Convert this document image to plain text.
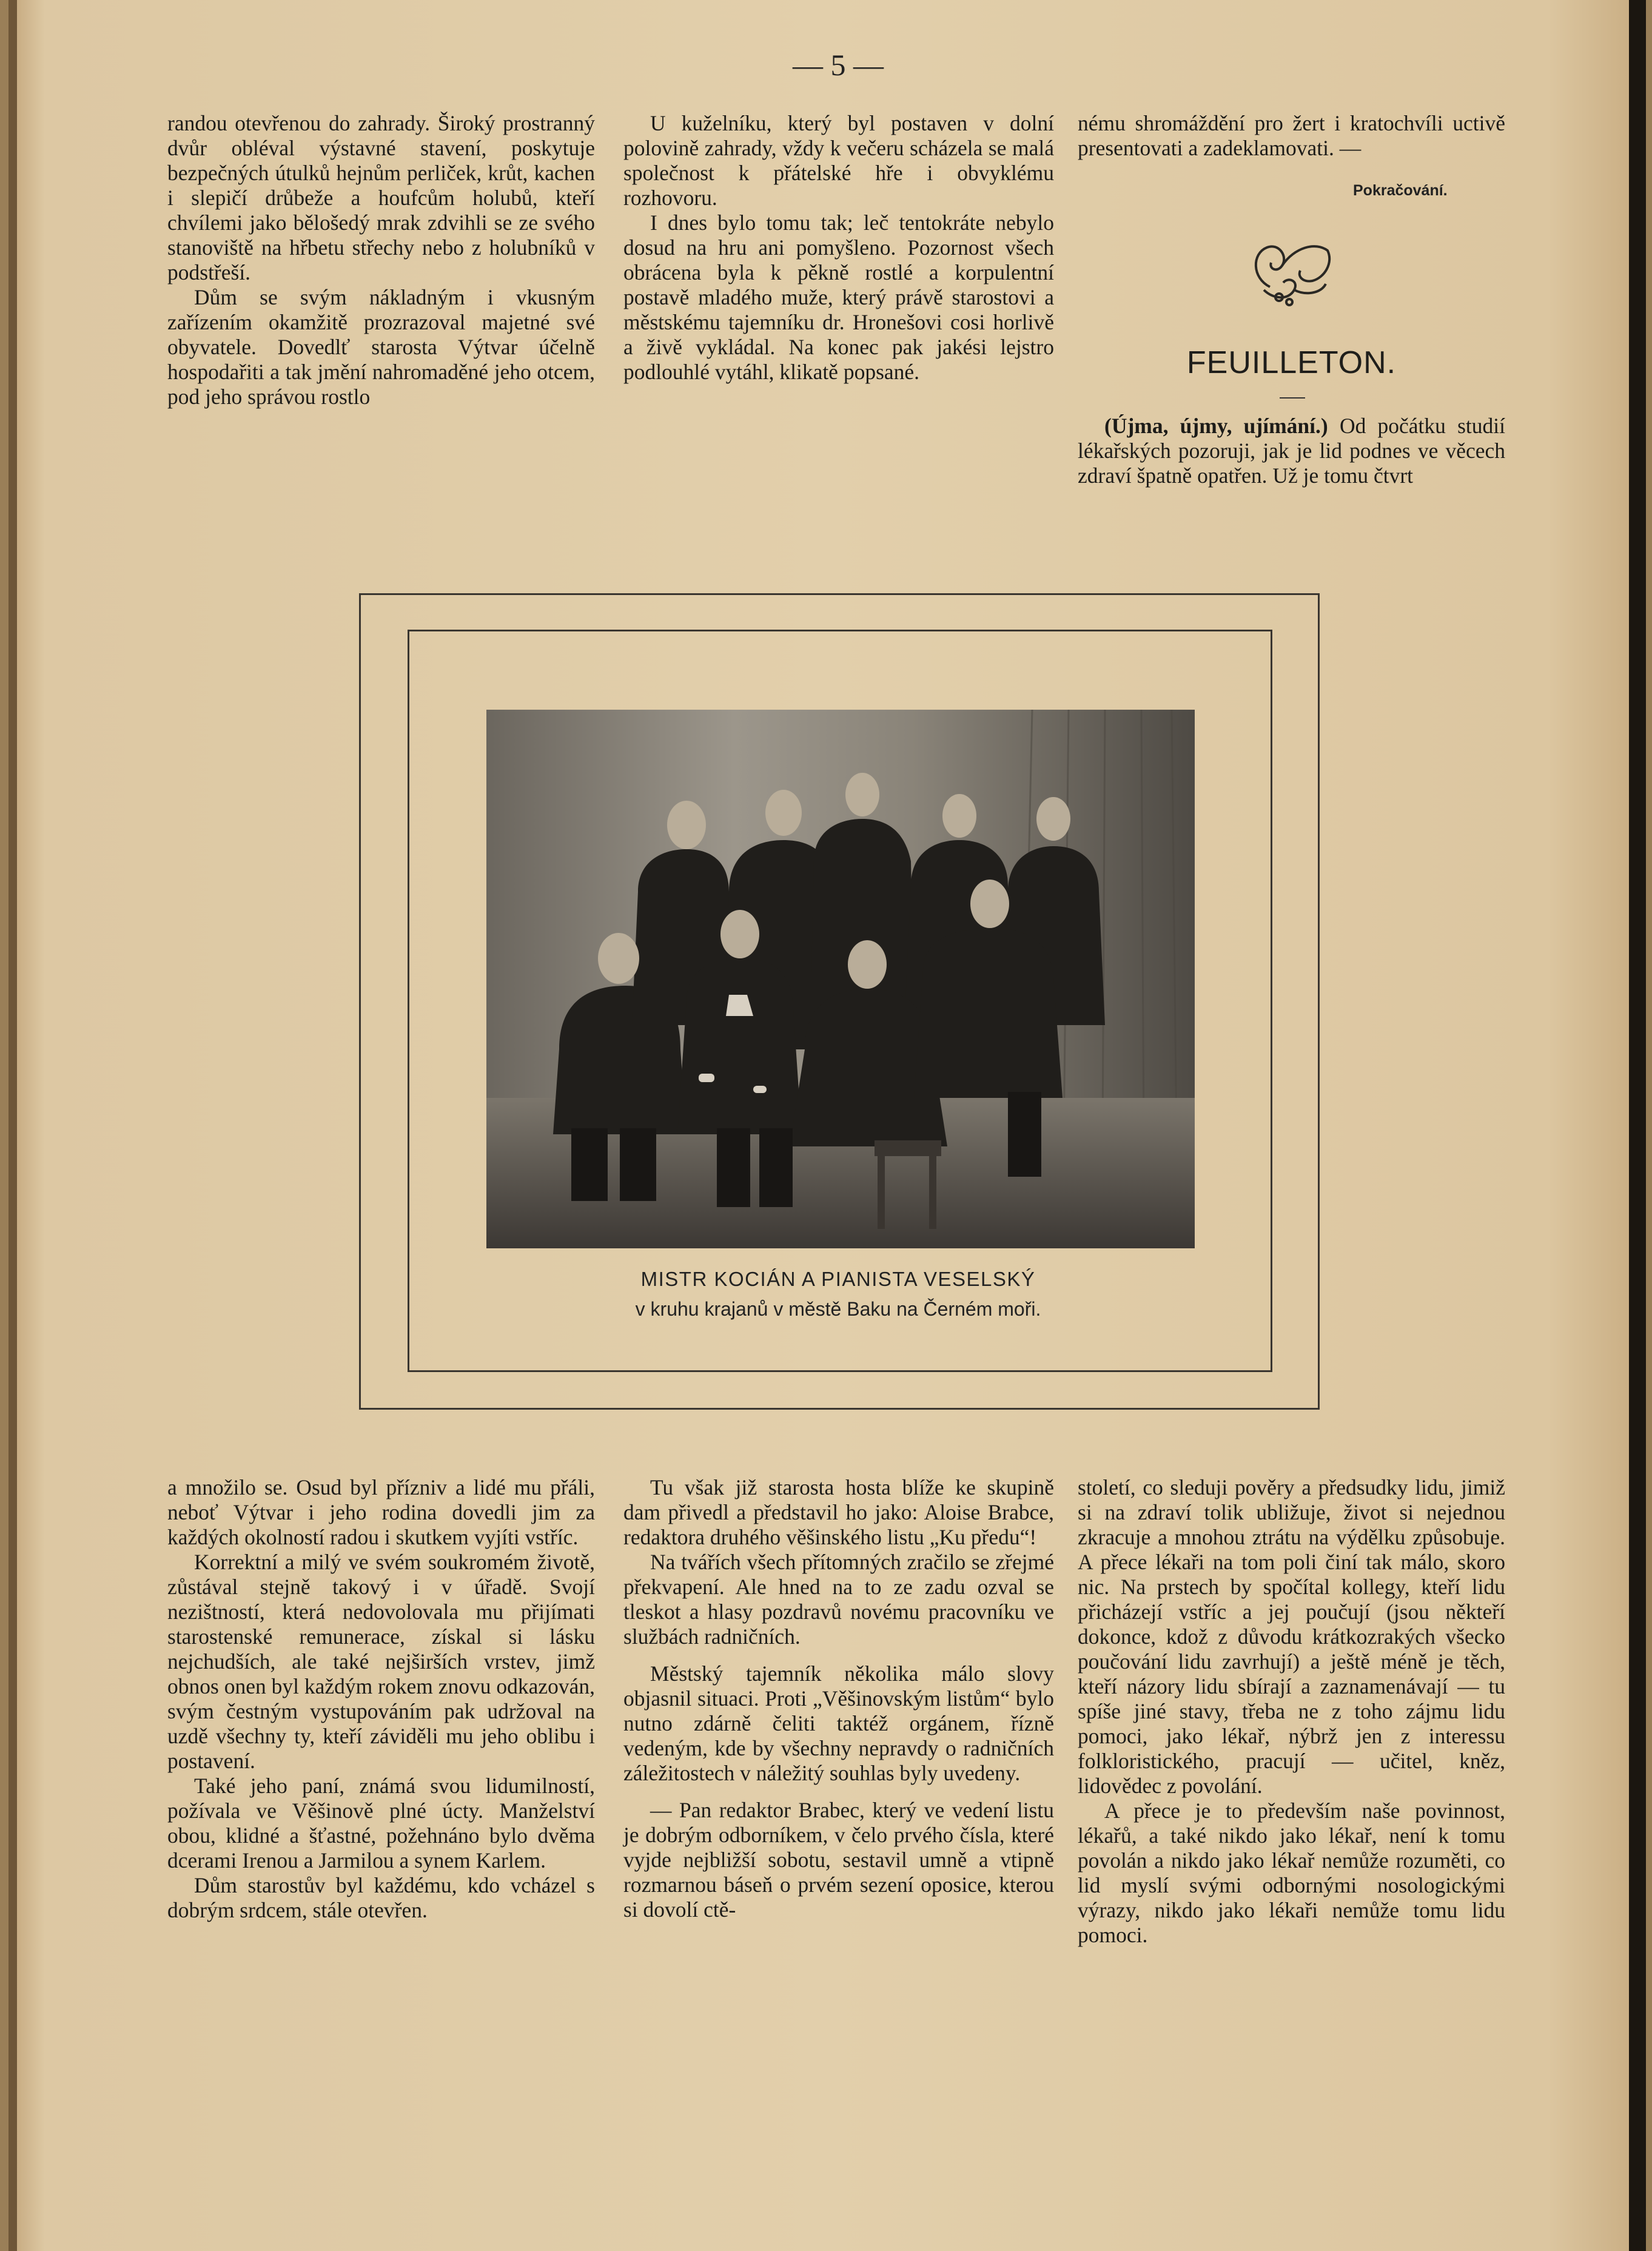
— 5 —

randou otevřenou do zahrady. Široký prostranný dvůr obléval výstavné stavení, poskytuje bezpečných útulků hejnům perliček, krůt, kachen i slepičí drůbeže a houfcům holubů, kteří chvílemi jako bělošedý mrak zdvihli se ze svého stanoviště na hřbetu střechy nebo z holubníků v podstřeší.

Dům se svým nákladným i vkusným zařízením okamžitě prozrazoval majetné své obyvatele. Dovedlť starosta Výtvar účelně hospodařiti a tak jmění nahromaděné jeho otcem, pod jeho správou rostlo

U kuželníku, který byl postaven v dolní polovině zahrady, vždy k večeru scházela se malá společnost k přátelské hře i obvyklému rozhovoru.

I dnes bylo tomu tak; leč tentokráte nebylo dosud na hru ani pomyšleno. Pozornost všech obrácena byla k pěkně rostlé a korpulentní postavě mladého muže, který právě starostovi a městskému tajemníku dr. Hronešovi cosi horlivě a živě vykládal. Na konec pak jakési lejstro podlouhlé vytáhl, klikatě popsané.

nému shromáždění pro žert i kratochvíli uctivě presentovati a zadeklamovati. —

Pokračování.
FEUILLETON.

(Újma, újmy, ujímání.) Od počátku studií lékařských pozoruji, jak je lid podnes ve věcech zdraví špatně opatřen. Už je tomu čtvrt

MISTR KOCIÁN A PIANISTA VESELSKÝ
v kruhu krajanů v městě Baku na Černém moři.

a množilo se. Osud byl přízniv a lidé mu přáli, neboť Výtvar i jeho rodina dovedli jim za každých okolností radou i skutkem vyjíti vstříc.

Korrektní a milý ve svém soukromém životě, zůstával stejně takový i v úřadě. Svojí nezištností, která nedovolovala mu přijímati starostenské remunerace, získal si lásku nejchudších, ale také nejširších vrstev, jimž obnos onen byl každým rokem znovu odkazován, svým čestným vystupováním pak udržoval na uzdě všechny ty, kteří záviděli mu jeho oblibu i postavení.

Také jeho paní, známá svou lidumilností, požívala ve Věšinově plné úcty. Manželství obou, klidné a šťastné, požehnáno bylo dvěma dcerami Irenou a Jarmilou a synem Karlem.

Dům starostův byl každému, kdo vcházel s dobrým srdcem, stále otevřen.

Tu však již starosta hosta blíže ke skupině dam přivedl a představil ho jako: Aloise Brabce, redaktora druhého věšinského listu „Ku předu“!

Na tvářích všech přítomných zračilo se zřejmé překvapení. Ale hned na to ze zadu ozval se tleskot a hlasy pozdravů novému pracovníku ve službách radničních.

Městský tajemník několika málo slovy objasnil situaci. Proti „Věšinovským listům“ bylo nutno zdárně čeliti taktéž orgánem, řízně vedeným, kde by všechny nepravdy o radničních záležitostech v náležitý souhlas byly uvedeny.

— Pan redaktor Brabec, který ve vedení listu je dobrým odborníkem, v čelo prvého čísla, které vyjde nejbližší sobotu, sestavil umně a vtipně rozmarnou báseň o prvém sezení oposice, kterou si dovolí ctě-

století, co sleduji pověry a předsudky lidu, jimiž si na zdraví tolik ubližuje, život si nejednou zkracuje a mnohou ztrátu na výdělku způsobuje. A přece lékaři na tom poli činí tak málo, skoro nic. Na prstech by spočítal kollegy, kteří lidu přicházejí vstříc a jej poučují (jsou někteří dokonce, kdož z důvodu krátkozrakých všecko poučování lidu zavrhují) a ještě méně je těch, kteří názory lidu sbírají a zaznamenávají — tu spíše jiné stavy, třeba ne z toho zájmu lidu pomoci, jako lékař, nýbrž jen z interessu folkloristického, pracují — učitel, kněz, lidovědec z povolání.

A přece je to především naše povinnost, lékařů, a také nikdo jako lékař, není k tomu povolán a nikdo jako lékař nemůže rozuměti, co lid myslí svými odbornými nosologickými výrazy, nikdo jako lékaři nemůže tomu lidu pomoci.
